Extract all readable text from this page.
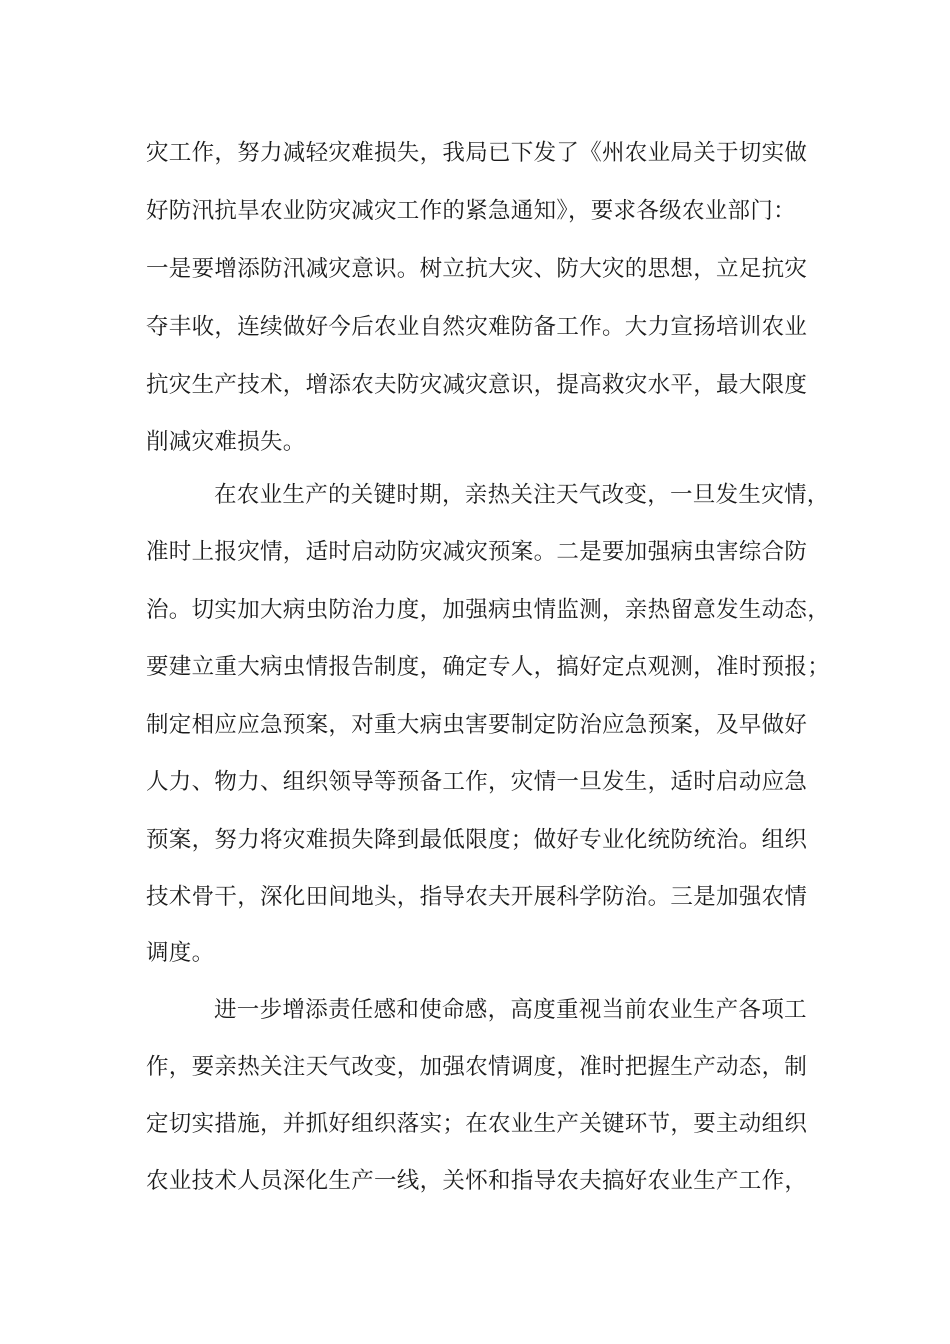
灾工作，努力减轻灾难损失，我局已下发了《州农业局关于切实做
好防汛抗旱农业防灾减灾工作的紧急通知》，要求各级农业部门：
一是要增添防汛减灾意识。树立抗大灾、防大灾的思想，立足抗灾
夺丰收，连续做好今后农业自然灾难防备工作。大力宣扬培训农业
抗灾生产技术，增添农夫防灾减灾意识，提高救灾水平，最大限度
削减灾难损失。
在农业生产的关键时期，亲热关注天气改变，一旦发生灾情，
准时上报灾情，适时启动防灾减灾预案。二是要加强病虫害综合防
治。切实加大病虫防治力度，加强病虫情监测，亲热留意发生动态，
要建立重大病虫情报告制度，确定专人，搞好定点观测，准时预报；
制定相应应急预案，对重大病虫害要制定防治应急预案，及早做好
人力、物力、组织领导等预备工作，灾情一旦发生，适时启动应急
预案，努力将灾难损失降到最低限度；做好专业化统防统治。组织
技术骨干，深化田间地头，指导农夫开展科学防治。三是加强农情
调度。
进一步增添责任感和使命感，高度重视当前农业生产各项工
作，要亲热关注天气改变，加强农情调度，准时把握生产动态，制
定切实措施，并抓好组织落实；在农业生产关键环节，要主动组织
农业技术人员深化生产一线，关怀和指导农夫搞好农业生产工作，
